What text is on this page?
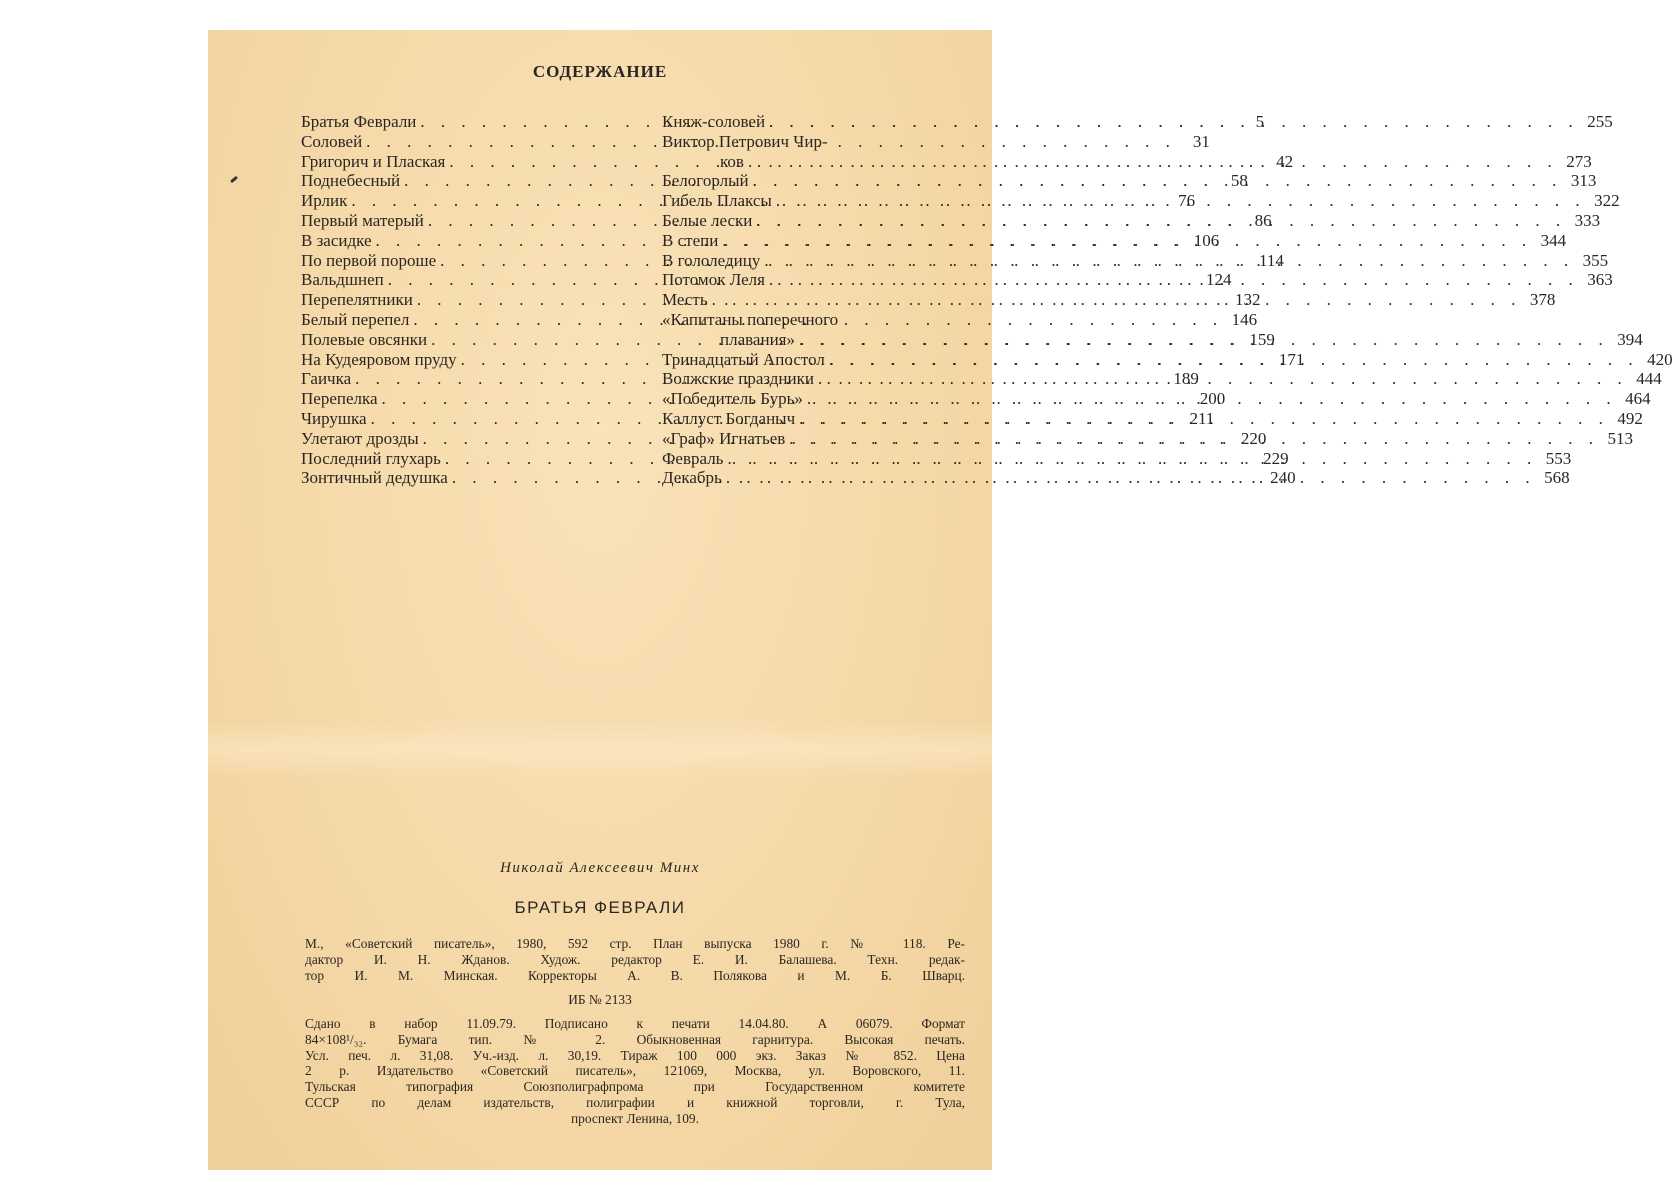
СОДЕРЖАНИЕ
Братья Феврали . . .	5
Соловей . . .	31
Григорич и Плаская . . .	42
Поднебесный . . .	58
Ирлик . . .	76
Первый матерый . . .	86
В засидке . . .	106
По первой пороше . . .	114
Вальдшнеп . . .	124
Перепелятники . . .	132
Белый перепел . . .	146
Полевые овсянки . . .	159
На Кудеяровом пруду . . .	171
Гаичка . . .	189
Перепелка . . .	200
Чирушка . . .	211
Улетают дрозды . . .	220
Последний глухарь . . .	229
Зонтичный дедушка . . .	240
Княж-соловей . . .	255
Виктор Петрович Чир-
ков . . .	273
Белогорлый . . .	313
Гибель Плаксы . . .	322
Белые лески . . .	333
В степи . . .	344
В гололедицу . . .	355
Потомок Леля . . .	363
Месть . . .	378
«Капитаны поперечного
плавания» . . .	394
Тринадцатый Апостол . . .	420
Волжские праздники . . .	444
«Победитель Бурь» . . .	464
Каллуст Богданыч . . .	492
«Граф» Игнатьев . . .	513
Февраль . . .	553
Декабрь . . .	568
Николай Алексеевич Минх
БРАТЬЯ ФЕВРАЛИ

М., «Советский писатель», 1980, 592 стр. План выпуска 1980 г. № 118. Ре-

дактор И. Н. Жданов. Худож. редактор Е. И. Балашева. Техн. редак-

тор И. М. Минская. Корректоры А. В. Полякова и М. Б. Шварц.

ИБ № 2133

Сдано в набор 11.09.79. Подписано к печати 14.04.80. А 06079. Формат

84×108¹/₃₂. Бумага тип. № 2. Обыкновенная гарнитура. Высокая печать.

Усл. печ. л. 31,08. Уч.-изд. л. 30,19. Тираж 100 000 экз. Заказ № 852. Цена

2 р. Издательство «Советский писатель», 121069, Москва, ул. Воровского, 11.

Тульская типография Союзполиграфпрома при Государственном комитете

СССР по делам издательств, полиграфии и книжной торговли, г. Тула,

проспект Ленина, 109.
